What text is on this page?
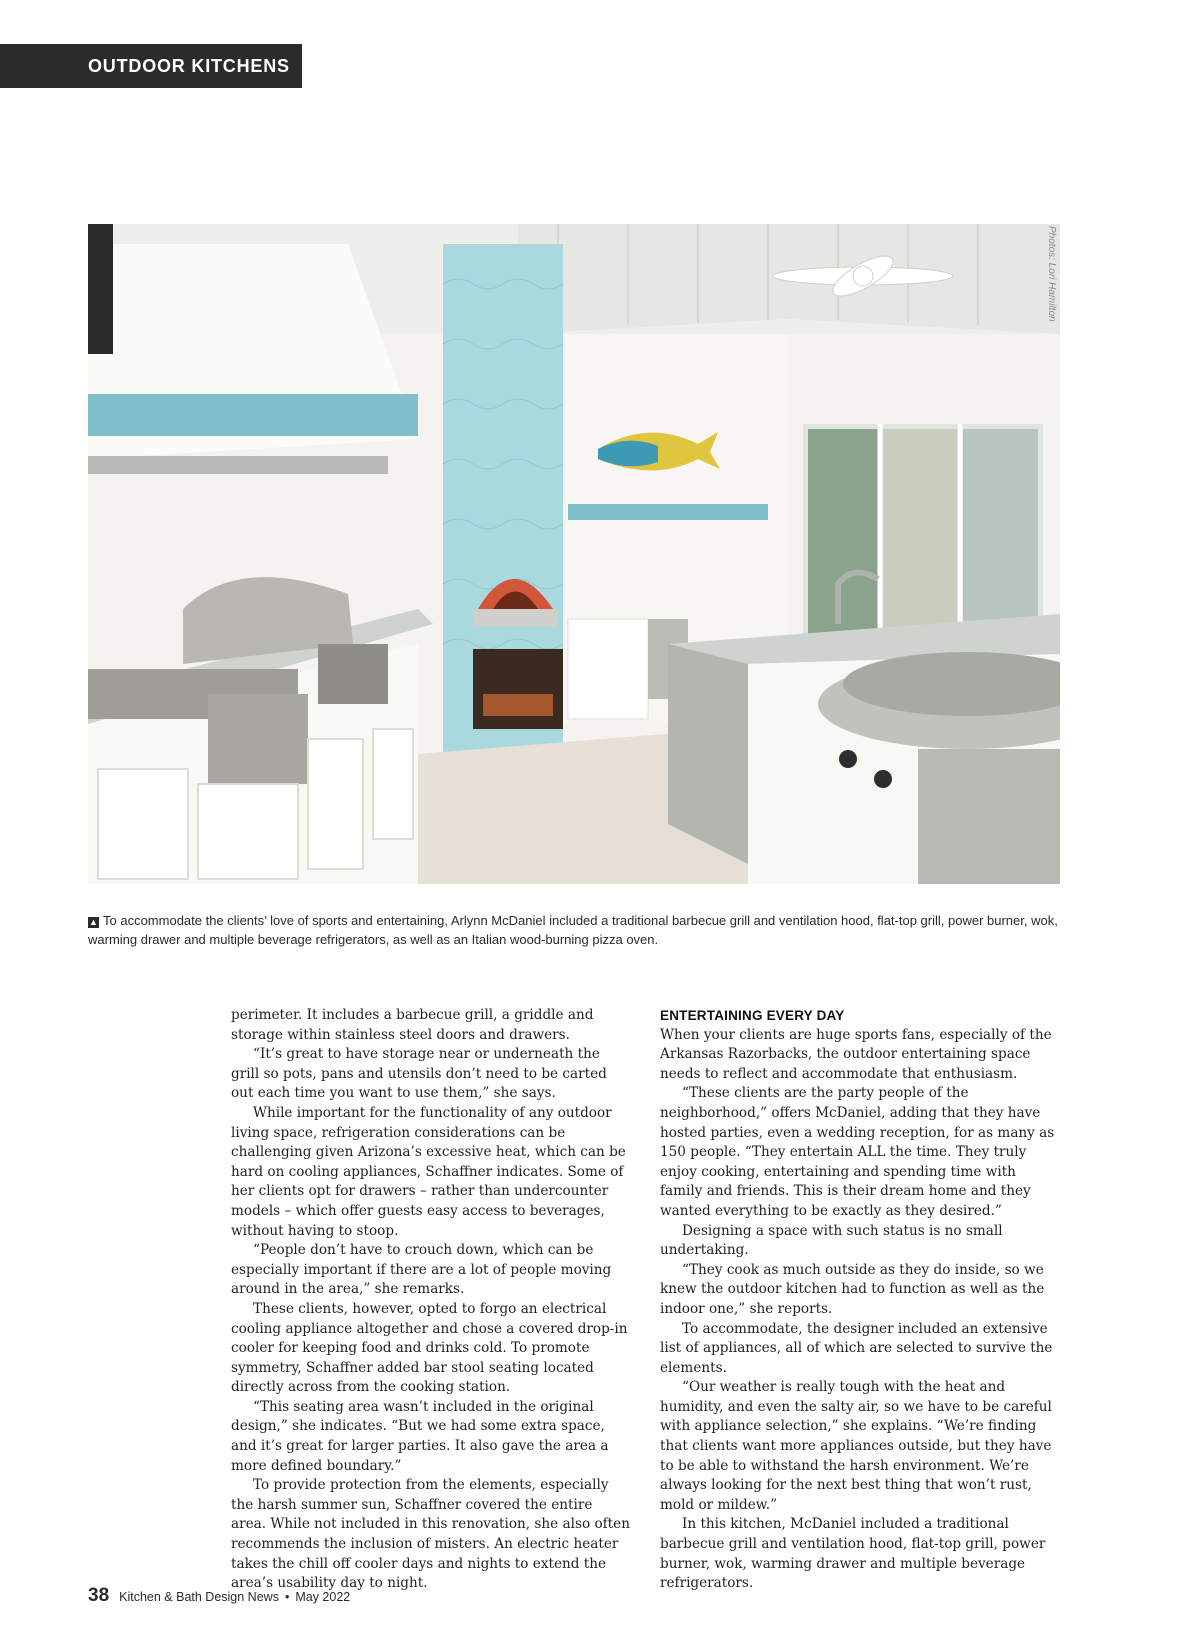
OUTDOOR KITCHENS
Photos: Lori Hamilton
▲ To accommodate the clients’ love of sports and entertaining, Arlynn McDaniel included a traditional barbecue grill and ventilation hood, flat-top grill, power burner, wok, warming drawer and multiple beverage refrigerators, as well as an Italian wood-burning pizza oven.

perimeter. It includes a barbecue grill, a griddle and storage within stainless steel doors and drawers.

“It’s great to have storage near or underneath the grill so pots, pans and utensils don’t need to be carted out each time you want to use them,” she says.

While important for the functionality of any outdoor living space, refrigeration considerations can be challenging given Arizona’s excessive heat, which can be hard on cooling appliances, Schaffner indicates. Some of her clients opt for drawers – rather than undercounter models – which offer guests easy access to beverages, without having to stoop.

“People don’t have to crouch down, which can be especially important if there are a lot of people moving around in the area,” she remarks.

These clients, however, opted to forgo an electrical cooling appliance altogether and chose a covered drop-in cooler for keeping food and drinks cold. To promote symmetry, Schaffner added bar stool seating located directly across from the cooking station.

“This seating area wasn’t included in the original design,” she indicates. “But we had some extra space, and it’s great for larger parties. It also gave the area a more defined boundary.”

To provide protection from the elements, especially the harsh summer sun, Schaffner covered the entire area. While not included in this renovation, she also often recommends the inclusion of misters. An electric heater takes the chill off cooler days and nights to extend the area’s usability day to night.

ENTERTAINING EVERY DAY

When your clients are huge sports fans, especially of the Arkansas Razorbacks, the outdoor entertaining space needs to reflect and accommodate that enthusiasm.

“These clients are the party people of the neighborhood,” offers McDaniel, adding that they have hosted parties, even a wedding reception, for as many as 150 people. “They entertain ALL the time. They truly enjoy cooking, entertaining and spending time with family and friends. This is their dream home and they wanted everything to be exactly as they desired.”

Designing a space with such status is no small undertaking.

“They cook as much outside as they do inside, so we knew the outdoor kitchen had to function as well as the indoor one,” she reports.

To accommodate, the designer included an extensive list of appliances, all of which are selected to survive the elements.

“Our weather is really tough with the heat and humidity, and even the salty air, so we have to be careful with appliance selection,” she explains. “We’re finding that clients want more appliances outside, but they have to be able to withstand the harsh environment. We’re always looking for the next best thing that won’t rust, mold or mildew.”

In this kitchen, McDaniel included a traditional barbecue grill and ventilation hood, flat-top grill, power burner, wok, warming drawer and multiple beverage refrigerators.

38 Kitchen & Bath Design News • May 2022
